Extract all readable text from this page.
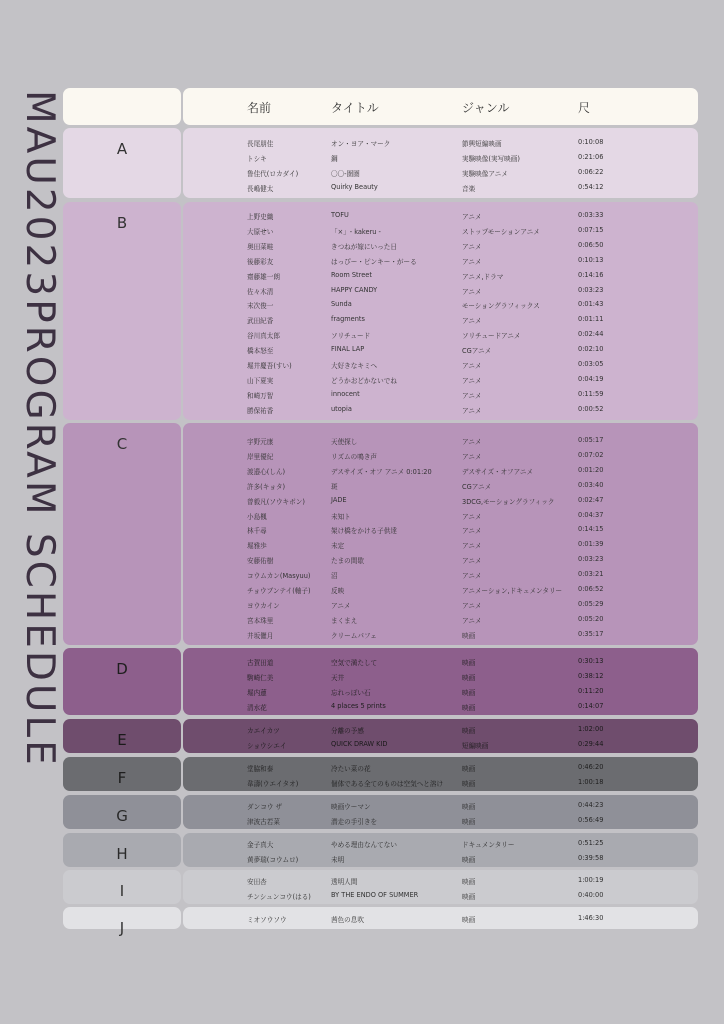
MAU2023PROGRAM SCHEDULE	名前	タイトル	ジャンル	尺
A	長尾朋佳	オン・ヨア・マーク	節興短編映画	0:10:08
トシキ	鋼	実験映像(実写映画)	0:21:06
鲁佳代(ロカダイ)	〇〇-圏圏	実験映像アニメ	0:06:22
長嶋健太	Quirky Beauty	音楽	0:54:12
B	上野史織	TOFU	アニメ	0:03:33
大原せい	「×」- kakeru -	ストップモーションアニメ	0:07:15
奥田菜畦	きつねが嫁にいった日	アニメ	0:06:50
後藤彩友	はっぴー・ピンキー・がーる	アニメ	0:10:13
齋藤雄一朗	Room Street	アニメ,ドラマ	0:14:16
佐々木清	HAPPY CANDY	アニメ	0:03:23
末次俊一	Sunda	モーショングラフィックス	0:01:43
武田紀香	fragments	アニメ	0:01:11
谷川真太郎	ソリチュード	ソリチュードアニメ	0:02:44
橋本怒至	FINAL LAP	CGアニメ	0:02:10
堀井慶吾(すい)	大好きなキミへ	アニメ	0:03:05
山下夏実	どうかおどかないでね	アニメ	0:04:19
和崎万智	innocent	アニメ	0:11:59
勝保祐香	utopia	アニメ	0:00:52
C	宇野元康	天使探し	アニメ	0:05:17
岸里優紀	リズムの鳴き声	アニメ	0:07:02
渡邉心(しん)	デスサイズ・オフ アニメ 0:01:20	デスサイズ・オフアニメ	0:01:20
許多(キョタ)	斑	CGアニメ	0:03:40
曾毅凡(ソウキボン)	JADE	3DCG,モーショングラフィック	0:02:47
小島楓	未知ト	アニメ	0:04:37
林千尋	架け橋をかける子供達	アニメ	0:14:15
堀雅歩	未定	アニメ	0:01:39
安藤佑樹	たまの間歇	アニメ	0:03:23
コウムカン(Masyuu)	沼	アニメ	0:03:21
チョウブンテイ(軸子)	反映	アニメーション,ドキュメンタリー 0:06:52
ヨウカイン	アニメ	アニメ	0:05:29
宮本珠里	まくまえ	アニメ	0:05:20
井坂儷月	クリームパフェ	映画	0:35:17
D	古賀田道	空気で満たして	映画	0:30:13
駒崎仁美	天井	映画	0:38:12
堀内蓮	忘れっぽい石	映画	0:11:20
清水花	4 places 5 prints	映画	0:14:07
E	カエイカツ	分離の予感	映画	1:02:00
ショウシエイ	QUICK DRAW KID	短編映画	0:29:44
F	堂脇和泰	冷たい菜の花	映画	0:46:20
韋濤(ウエイタオ)	個体である全てのものは空気へと溶け	映画	1:00:18
G	ダンコウ ザ	映画ウーマン	映画	0:44:23
津波古若菜	潜走の手引きを	映画	0:56:49
H	金子真大	やめる理由なんてない	ドキュメンタリー	0:51:25
黄夢瑞(コウムロ)	未明	映画	0:39:58
I	安田杏	透明人間	映画	1:00:19
チンシュンコウ(はる)	BY THE ENDO OF SUMMER	映画	0:40:00
J	ミオソウソウ	茜色の息吹	映画	1:46:30
